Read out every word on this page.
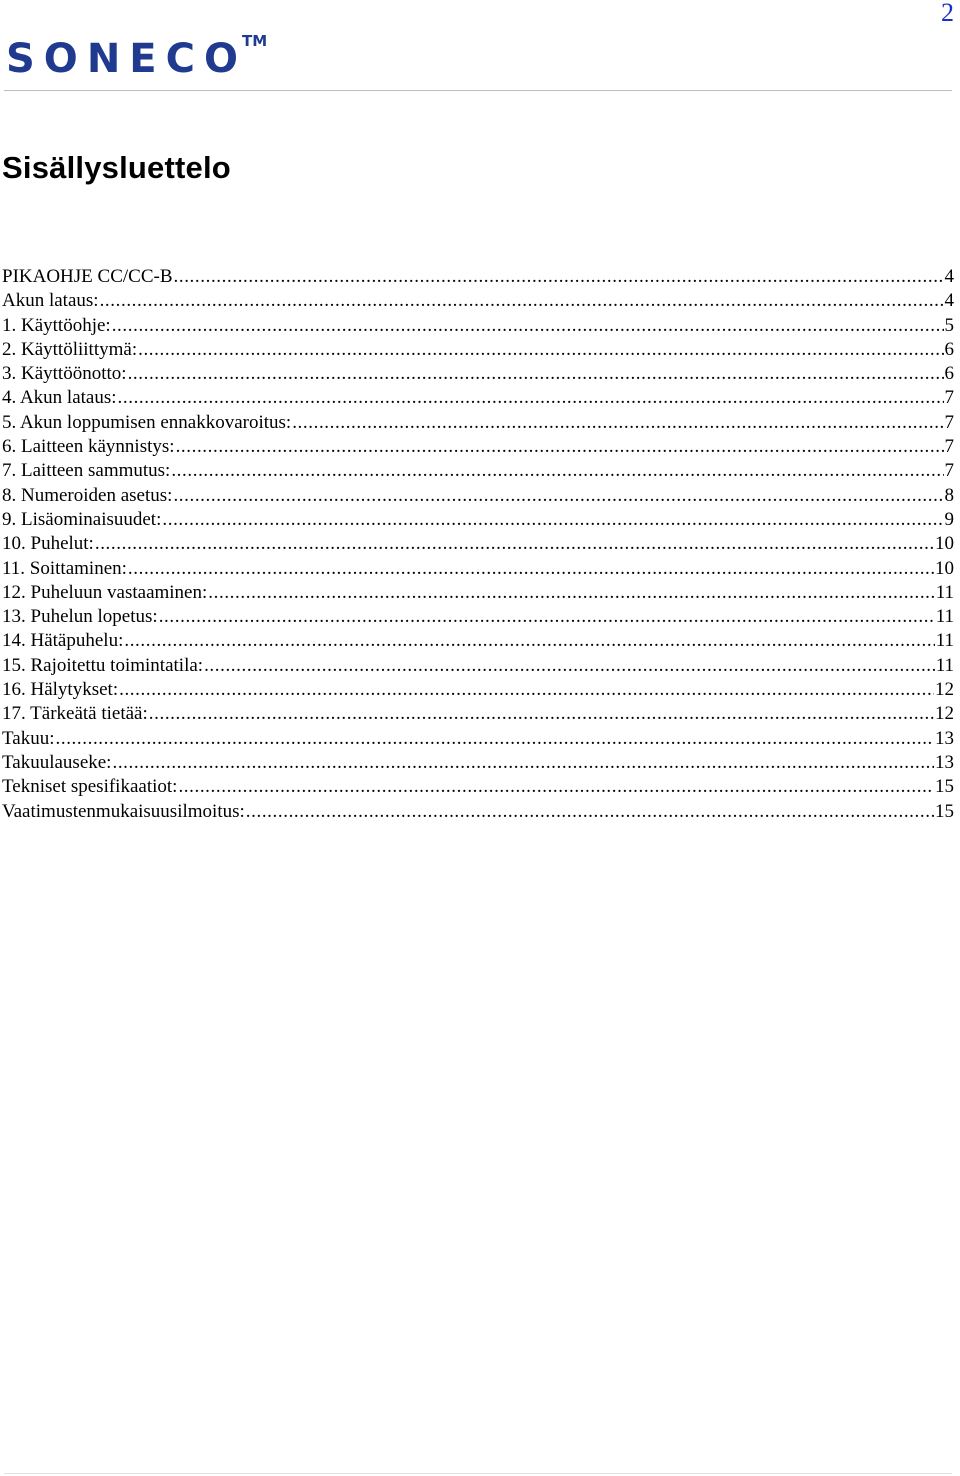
2
SONECO
TM
Sisällysluettelo
PIKAOHJE CC/CC-B .....	4
Akun lataus: .....	4
1. Käyttöohje: .....	5
2. Käyttöliittymä: .....	6
3. Käyttöönotto: .....	6
4. Akun lataus: .....	7
5. Akun loppumisen ennakkovaroitus: .....	7
6. Laitteen käynnistys: .....	7
7. Laitteen sammutus: .....	7
8. Numeroiden asetus: .....	8
9. Lisäominaisuudet: .....	9
10. Puhelut: .....	10
11. Soittaminen: .....	10
12. Puheluun vastaaminen: .....	11
13. Puhelun lopetus: .....	11
14. Hätäpuhelu: .....	11
15. Rajoitettu toimintatila: .....	11
16. Hälytykset: .....	12
17. Tärkeätä tietää: .....	12
Takuu: .....	13
Takuulauseke: .....	13
Tekniset spesifikaatiot: .....	15
Vaatimustenmukaisuusilmoitus: .....	15
